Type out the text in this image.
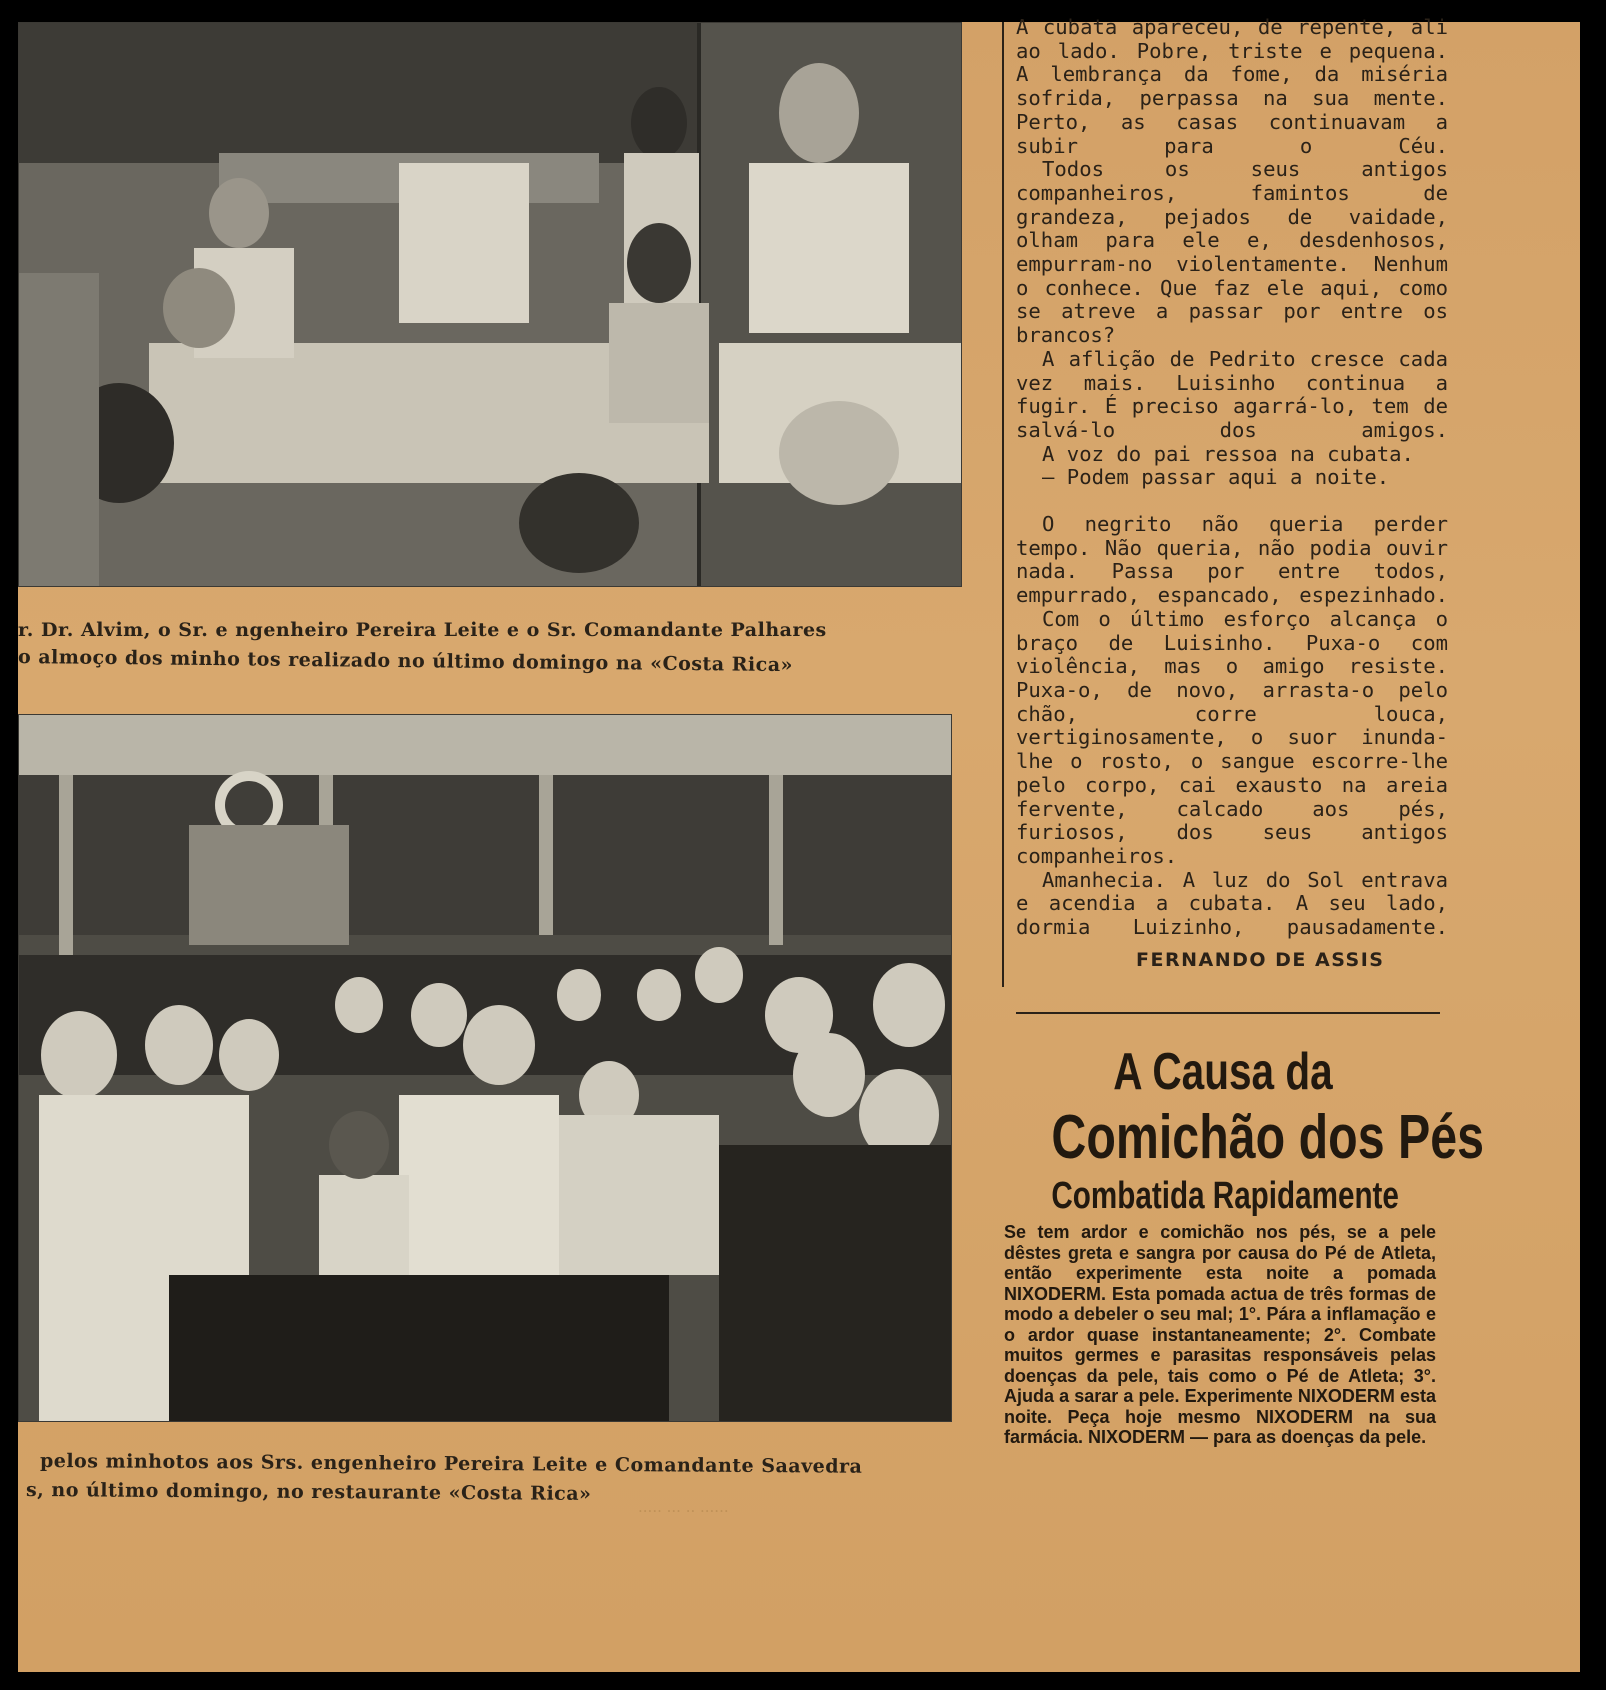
r. Dr. Alvim, o Sr. e ngenheiro Pereira Leite e o Sr. Comandante Palhares
o almoço dos minho tos realizado no último domingo na «Costa Rica»
pelos minhotos aos Srs. engenheiro Pereira Leite e Comandante Saavedra
s, no último domingo, no restaurante «Costa Rica»
······ ·· ··· ·····

A cubata apareceu, de repente, ali ao lado. Pobre, triste e pequena. A lembrança da fome, da miséria sofrida, perpassa na sua mente. Perto, as casas continuavam a subir para o Céu.

Todos os seus antigos companheiros, famintos de grandeza, pejados de vaidade, olham para ele e, desdenhosos, empurram-no violentamente. Nenhum o conhece. Que faz ele aqui, como se atreve a passar por entre os brancos?

A aflição de Pedrito cresce cada vez mais. Luisinho continua a fugir. É preciso agarrá-lo, tem de salvá-lo dos amigos.

A voz do pai ressoa na cubata.

— Podem passar aqui a noite.

O negrito não queria perder tempo. Não queria, não podia ouvir nada. Passa por entre todos, empurrado, espancado, espezinhado.

Com o último esforço alcança o braço de Luisinho. Puxa-o com violência, mas o amigo resiste. Puxa-o, de novo, arrasta-o pelo chão, corre louca, vertiginosamente, o suor inunda-lhe o rosto, o sangue escorre-lhe pelo corpo, cai exausto na areia fervente, calcado aos pés, furiosos, dos seus antigos companheiros.

Amanhecia. A luz do Sol entrava e acendia a cubata. A seu lado, dormia Luizinho, pausadamente.

FERNANDO DE ASSIS
A Causa da
Comichão dos Pés
Combatida Rapidamente
Se tem ardor e comichão nos pés, se a pele dêstes greta e sangra por causa do Pé de Atleta, então experimente esta noite a pomada NIXODERM. Esta pomada actua de três formas de modo a debeler o seu mal; 1°. Pára a inflamação e o ardor quase instantaneamente; 2°. Combate muitos germes e parasitas responsáveis pelas doenças da pele, tais como o Pé de Atleta; 3°. Ajuda a sarar a pele. Experimente NIXODERM esta noite. Peça hoje mesmo NIXODERM na sua farmácia. NIXODERM — para as doenças da pele.
